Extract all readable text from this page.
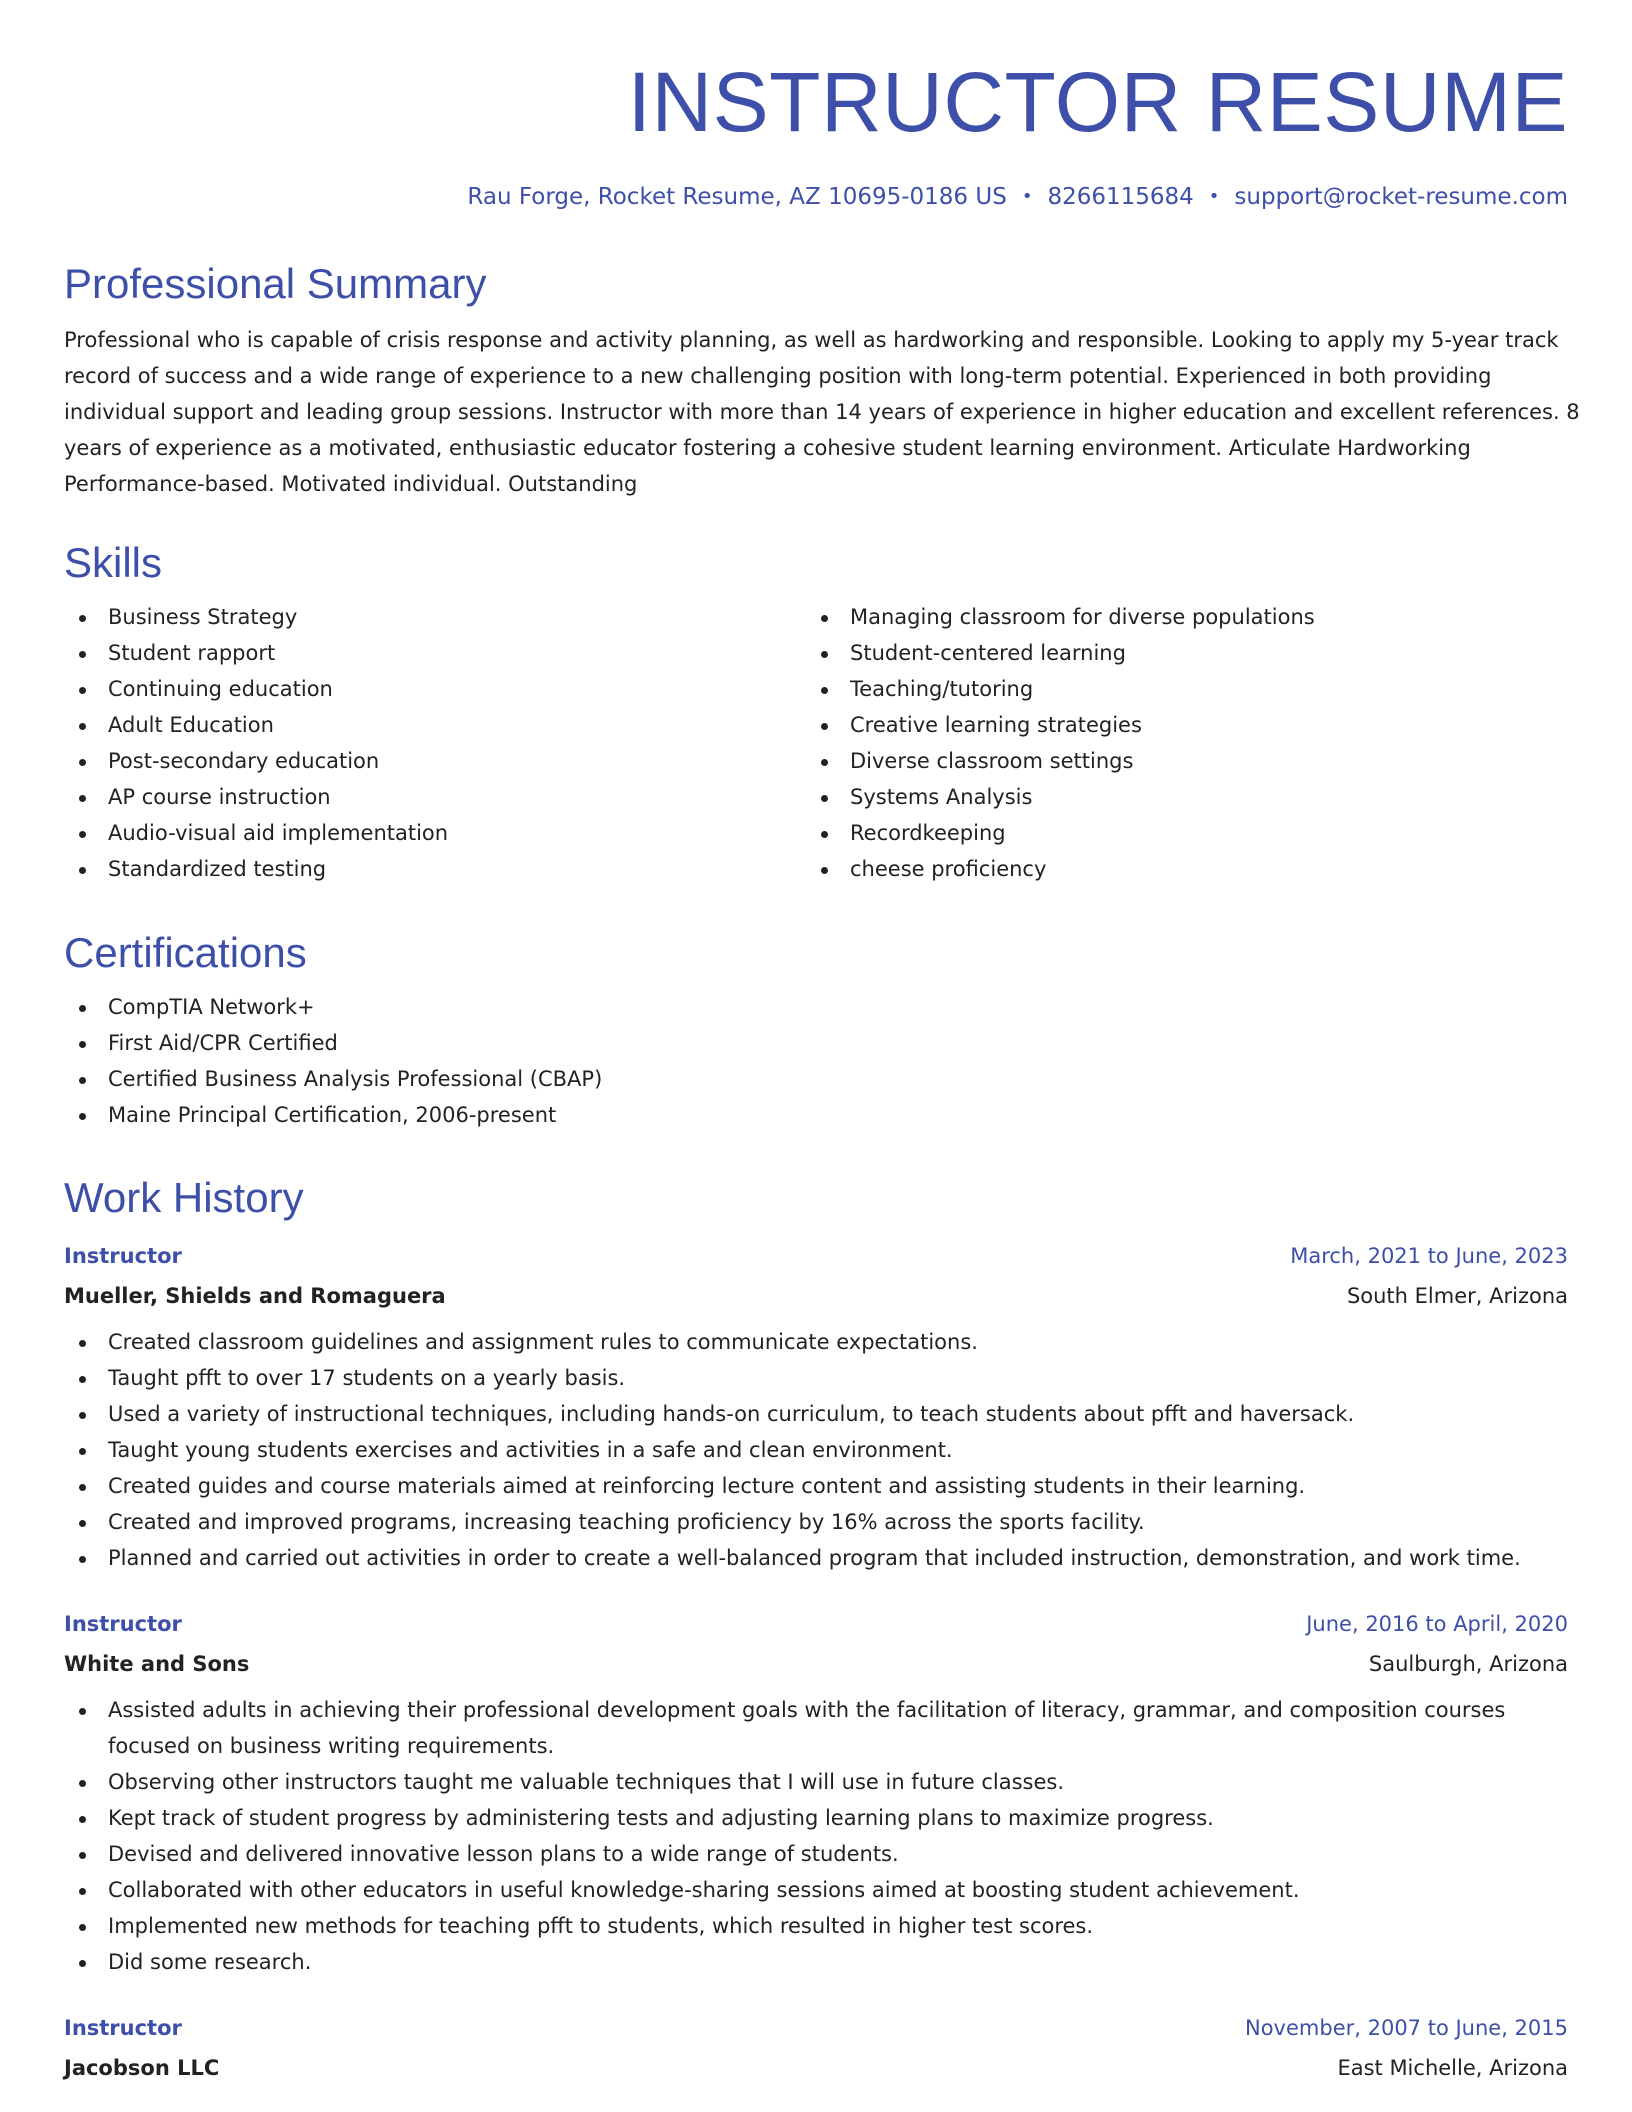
INSTRUCTOR RESUME
Rau Forge, Rocket Resume, AZ 10695-0186 US • 8266115684 • support@rocket-resume.com
Professional Summary

Professional who is capable of crisis response and activity planning, as well as hardworking and responsible. Looking to apply my 5-year track record of success and a wide range of experience to a new challenging position with long-term potential. Experienced in both providing individual support and leading group sessions. Instructor with more than 14 years of experience in higher education and excellent references. 8 years of experience as a motivated, enthusiastic educator fostering a cohesive student learning environment. Articulate Hardworking Performance-based. Motivated individual. Outstanding

Skills
Business Strategy
Student rapport
Continuing education
Adult Education
Post-secondary education
AP course instruction
Audio-visual aid implementation
Standardized testing
Managing classroom for diverse populations
Student-centered learning
Teaching/tutoring
Creative learning strategies
Diverse classroom settings
Systems Analysis
Recordkeeping
cheese proficiency
Certifications
CompTIA Network+
First Aid/CPR Certified
Certified Business Analysis Professional (CBAP)
Maine Principal Certification, 2006-present
Work History
Instructor	March, 2021 to June, 2023
Mueller, Shields and Romaguera	South Elmer, Arizona
Created classroom guidelines and assignment rules to communicate expectations.
Taught pfft to over 17 students on a yearly basis.
Used a variety of instructional techniques, including hands-on curriculum, to teach students about pfft and haversack.
Taught young students exercises and activities in a safe and clean environment.
Created guides and course materials aimed at reinforcing lecture content and assisting students in their learning.
Created and improved programs, increasing teaching proficiency by 16% across the sports facility.
Planned and carried out activities in order to create a well-balanced program that included instruction, demonstration, and work time.
Instructor	June, 2016 to April, 2020
White and Sons	Saulburgh, Arizona
Assisted adults in achieving their professional development goals with the facilitation of literacy, grammar, and composition courses focused on business writing requirements.
Observing other instructors taught me valuable techniques that I will use in future classes.
Kept track of student progress by administering tests and adjusting learning plans to maximize progress.
Devised and delivered innovative lesson plans to a wide range of students.
Collaborated with other educators in useful knowledge-sharing sessions aimed at boosting student achievement.
Implemented new methods for teaching pfft to students, which resulted in higher test scores.
Did some research.
Instructor	November, 2007 to June, 2015
Jacobson LLC	East Michelle, Arizona
